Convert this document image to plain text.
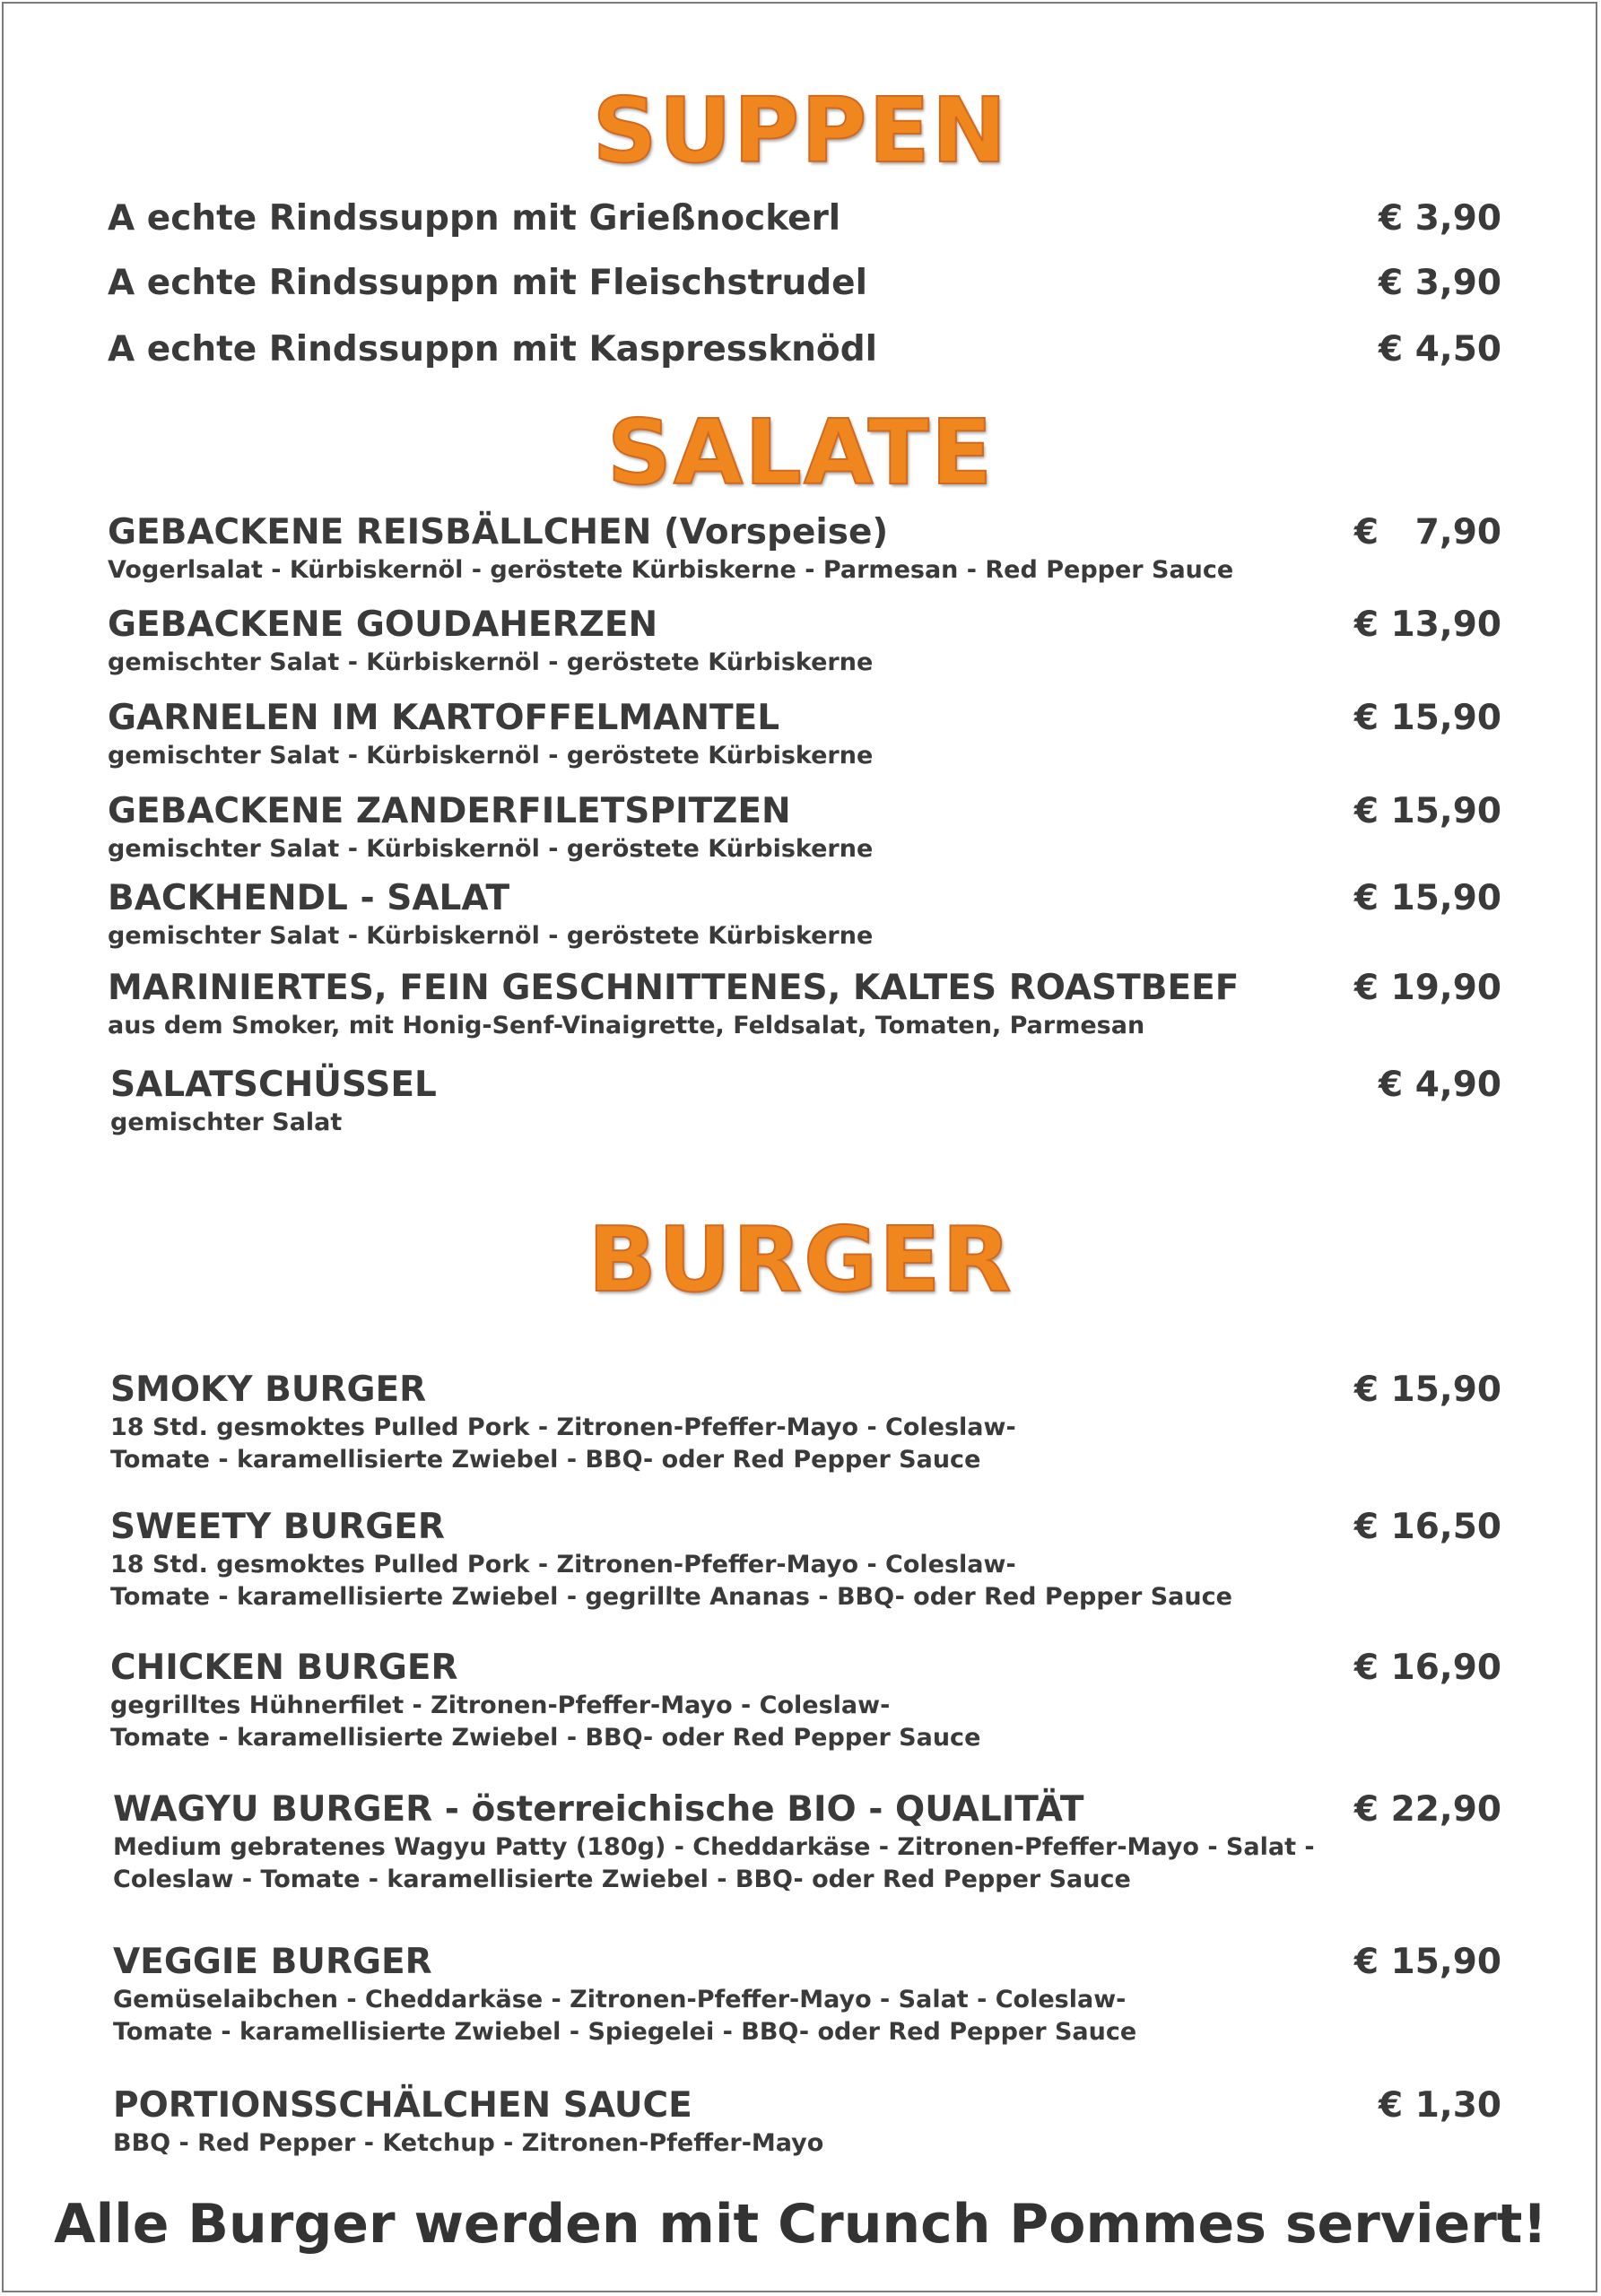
SUPPEN
A echte Rindssuppn mit Grießnockerl	€ 3,90
A echte Rindssuppn mit Fleischstrudel	€ 3,90
A echte Rindssuppn mit Kaspressknödl	€ 4,50
SALATE
GEBACKENE REISBÄLLCHEN (Vorspeise)
Vogerlsalat - Kürbiskernöl - geröstete Kürbiskerne - Parmesan - Red Pepper Sauce
€   7,90
GEBACKENE GOUDAHERZEN
gemischter Salat - Kürbiskernöl - geröstete Kürbiskerne
€ 13,90
GARNELEN IM KARTOFFELMANTEL
gemischter Salat - Kürbiskernöl - geröstete Kürbiskerne
€ 15,90
GEBACKENE ZANDERFILETSPITZEN
gemischter Salat - Kürbiskernöl - geröstete Kürbiskerne
€ 15,90
BACKHENDL - SALAT
gemischter Salat - Kürbiskernöl - geröstete Kürbiskerne
€ 15,90
MARINIERTES, FEIN GESCHNITTENES, KALTES ROASTBEEF
aus dem Smoker, mit Honig-Senf-Vinaigrette, Feldsalat, Tomaten, Parmesan
€ 19,90
SALATSCHÜSSEL
gemischter Salat
€ 4,90
BURGER
SMOKY BURGER
18 Std. gesmoktes Pulled Pork - Zitronen-Pfeffer-Mayo - Coleslaw-
Tomate - karamellisierte Zwiebel - BBQ- oder Red Pepper Sauce
€ 15,90
SWEETY BURGER
18 Std. gesmoktes Pulled Pork - Zitronen-Pfeffer-Mayo - Coleslaw-
Tomate - karamellisierte Zwiebel - gegrillte Ananas - BBQ- oder Red Pepper Sauce
€ 16,50
CHICKEN BURGER
gegrilltes Hühnerfilet - Zitronen-Pfeffer-Mayo - Coleslaw-
Tomate - karamellisierte Zwiebel - BBQ- oder Red Pepper Sauce
€ 16,90
WAGYU BURGER - österreichische BIO - QUALITÄT
Medium gebratenes Wagyu Patty (180g) - Cheddarkäse - Zitronen-Pfeffer-Mayo - Salat -
Coleslaw - Tomate - karamellisierte Zwiebel - BBQ- oder Red Pepper Sauce
€ 22,90
VEGGIE BURGER
Gemüselaibchen - Cheddarkäse - Zitronen-Pfeffer-Mayo - Salat - Coleslaw-
Tomate - karamellisierte Zwiebel - Spiegelei - BBQ- oder Red Pepper Sauce
€ 15,90
PORTIONSSCHÄLCHEN SAUCE
BBQ - Red Pepper - Ketchup - Zitronen-Pfeffer-Mayo
€ 1,30
Alle Burger werden mit Crunch Pommes serviert!
